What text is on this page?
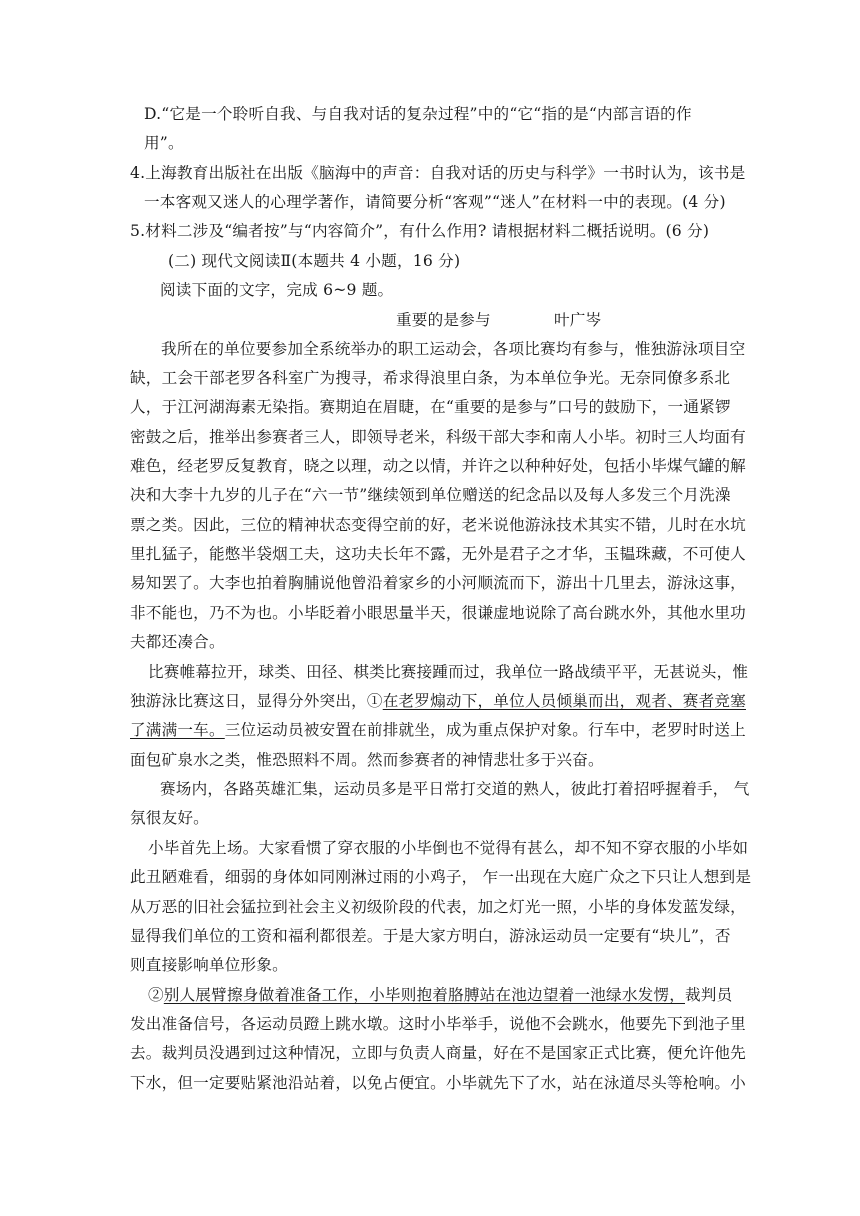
D.“它是一个聆听自我、与自我对话的复杂过程”中的“它“指的是“内部言语的作

用”。

4.上海教育出版社在出版《脑海中的声音：自我对话的历史与科学》一书时认为，该书是

一本客观又迷人的心理学著作，请简要分析“客观”“迷人”在材料一中的表现。(4 分)

5.材料二涉及“编者按”与“内容简介”，有什么作用? 请根据材料二概括说明。(6 分)

(二) 现代文阅读Ⅱ(本题共 4 小题，16 分)

阅读下面的文字，完成 6~9 题。

重要的是参与	叶广岑

我所在的单位要参加全系统举办的职工运动会，各项比赛均有参与，惟独游泳项目空

缺，工会干部老罗各科室广为搜寻，希求得浪里白条，为本单位争光。无奈同僚多系北

人，于江河湖海素无染指。赛期迫在眉睫，在“重要的是参与”口号的鼓励下，一通紧锣

密鼓之后，推举出参赛者三人，即领导老米，科级干部大李和南人小毕。初时三人均面有

难色，经老罗反复教育，晓之以理，动之以情，并许之以种种好处，包括小毕煤气罐的解

决和大李十九岁的儿子在“六一节”继续领到单位赠送的纪念品以及每人多发三个月洗澡

票之类。因此，三位的精神状态变得空前的好，老米说他游泳技术其实不错，儿时在水坑

里扎猛子，能憋半袋烟工夫，这功夫长年不露，无外是君子之才华，玉韫珠藏，不可使人

易知罢了。大李也拍着胸脯说他曾沿着家乡的小河顺流而下，游出十几里去，游泳这事，

非不能也，乃不为也。小毕眨着小眼思量半天，很谦虚地说除了高台跳水外，其他水里功

夫都还凑合。

比赛帷幕拉开，球类、田径、棋类比赛接踵而过，我单位一路战绩平平，无甚说头，惟

独游泳比赛这日，显得分外突出，①在老罗煽动下，单位人员倾巢而出，观者、赛者竞塞

了满满一车。三位运动员被安置在前排就坐，成为重点保护对象。行车中，老罗时时送上

面包矿泉水之类，惟恐照料不周。然而参赛者的神情悲壮多于兴奋。

赛场内，各路英雄汇集，运动员多是平日常打交道的熟人，彼此打着招呼握着手， 气

氛很友好。

小毕首先上场。大家看惯了穿衣服的小毕倒也不觉得有甚么，却不知不穿衣服的小毕如

此丑陋难看，细弱的身体如同刚淋过雨的小鸡子， 乍一出现在大庭广众之下只让人想到是

从万恶的旧社会猛拉到社会主义初级阶段的代表，加之灯光一照，小毕的身体发蓝发绿，

显得我们单位的工资和福利都很差。于是大家方明白，游泳运动员一定要有“块儿”，否

则直接影响单位形象。

②别人展臂擦身做着准备工作，小毕则抱着胳膊站在池边望着一池绿水发愣，裁判员

发出准备信号，各运动员蹬上跳水墩。这时小毕举手，说他不会跳水，他要先下到池子里

去。裁判员没遇到过这种情况，立即与负责人商量，好在不是国家正式比赛，便允许他先

下水，但一定要贴紧池沿站着，以免占便宜。小毕就先下了水，站在泳道尽头等枪响。小
